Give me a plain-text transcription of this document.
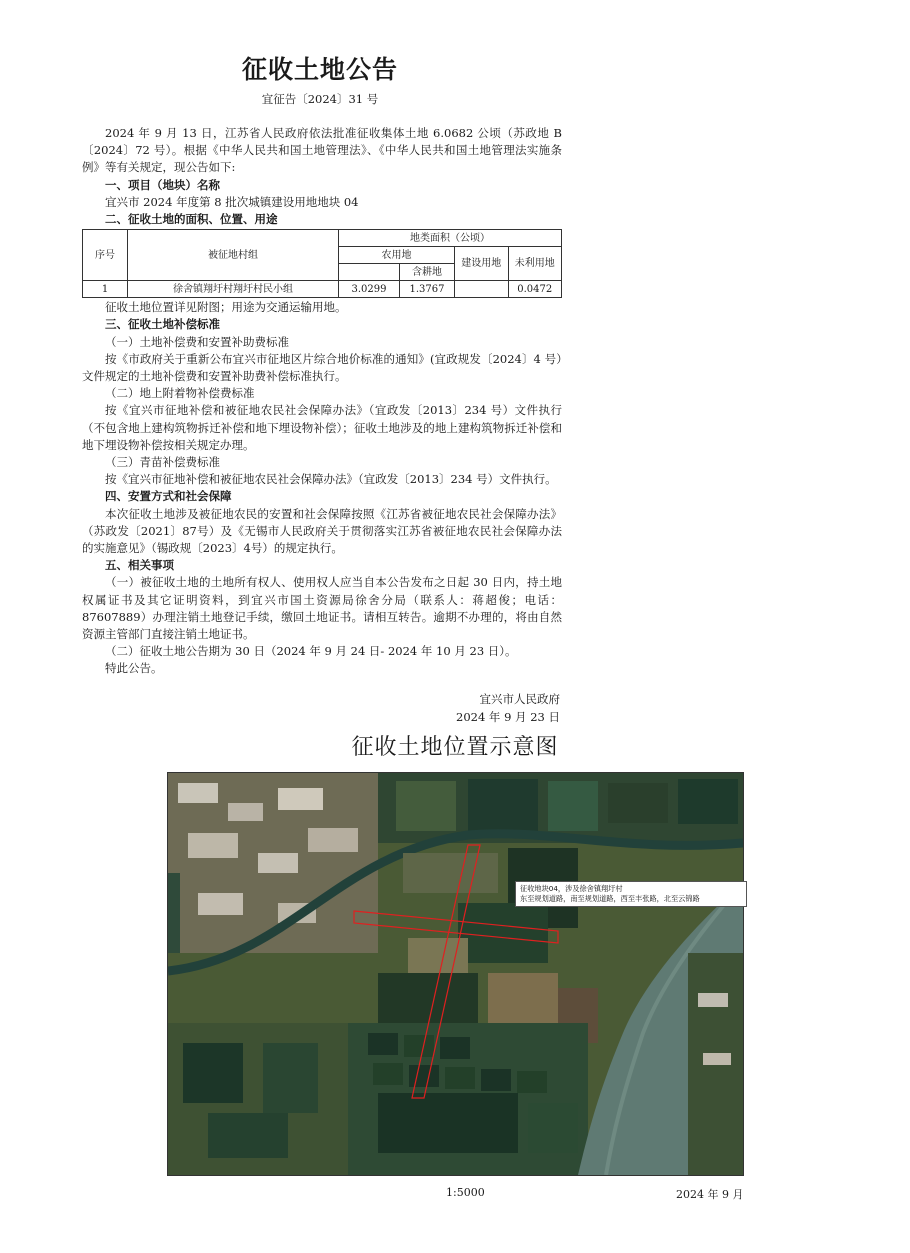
征收土地公告
宜征告〔2024〕31 号

2024 年 9 月 13 日，江苏省人民政府依法批准征收集体土地 6.0682 公顷（苏政地 B〔2024〕72 号）。根据《中华人民共和国土地管理法》、《中华人民共和国土地管理法实施条例》等有关规定，现公告如下:

一、项目（地块）名称

宜兴市 2024 年度第 8 批次城镇建设用地地块 04

二、征收土地的面积、位置、用途

序号	被征地村组	地类面积（公顷）			
		农用地		建设用地	未利用地
			含耕地		
1	徐舍镇翔圩村翔圩村民小组	3.0299	1.3767		0.0472

征收土地位置详见附图；用途为交通运输用地。

三、征收土地补偿标准

（一）土地补偿费和安置补助费标准

按《市政府关于重新公布宜兴市征地区片综合地价标准的通知》(宜政规发〔2024〕4 号）文件规定的土地补偿费和安置补助费补偿标准执行。

（二）地上附着物补偿费标准

按《宜兴市征地补偿和被征地农民社会保障办法》（宜政发〔2013〕234 号）文件执行（不包含地上建构筑物拆迁补偿和地下埋设物补偿）；征收土地涉及的地上建构筑物拆迁补偿和地下埋设物补偿按相关规定办理。

（三）青苗补偿费标准

按《宜兴市征地补偿和被征地农民社会保障办法》（宜政发〔2013〕234 号）文件执行。

四、安置方式和社会保障

本次征收土地涉及被征地农民的安置和社会保障按照《江苏省被征地农民社会保障办法》（苏政发〔2021〕87号）及《无锡市人民政府关于贯彻落实江苏省被征地农民社会保障办法的实施意见》（锡政规〔2023〕4号）的规定执行。

五、相关事项

（一）被征收土地的土地所有权人、使用权人应当自本公告发布之日起 30 日内，持土地权属证书及其它证明资料，到宜兴市国土资源局徐舍分局（联系人：蒋超俊；电话：87607889）办理注销土地登记手续，缴回土地证书。请相互转告。逾期不办理的，将由自然资源主管部门直接注销土地证书。

（二）征收土地公告期为 30 日（2024 年 9 月 24 日- 2024 年 10 月 23 日）。

特此公告。

宜兴市人民政府
2024 年 9 月 23 日
征收土地位置示意图
征收地块04，涉及徐舍镇翔圩村
东至规划道路，南至规划道路，西至丰张路，北至云锦路
1:5000	2024 年 9 月
